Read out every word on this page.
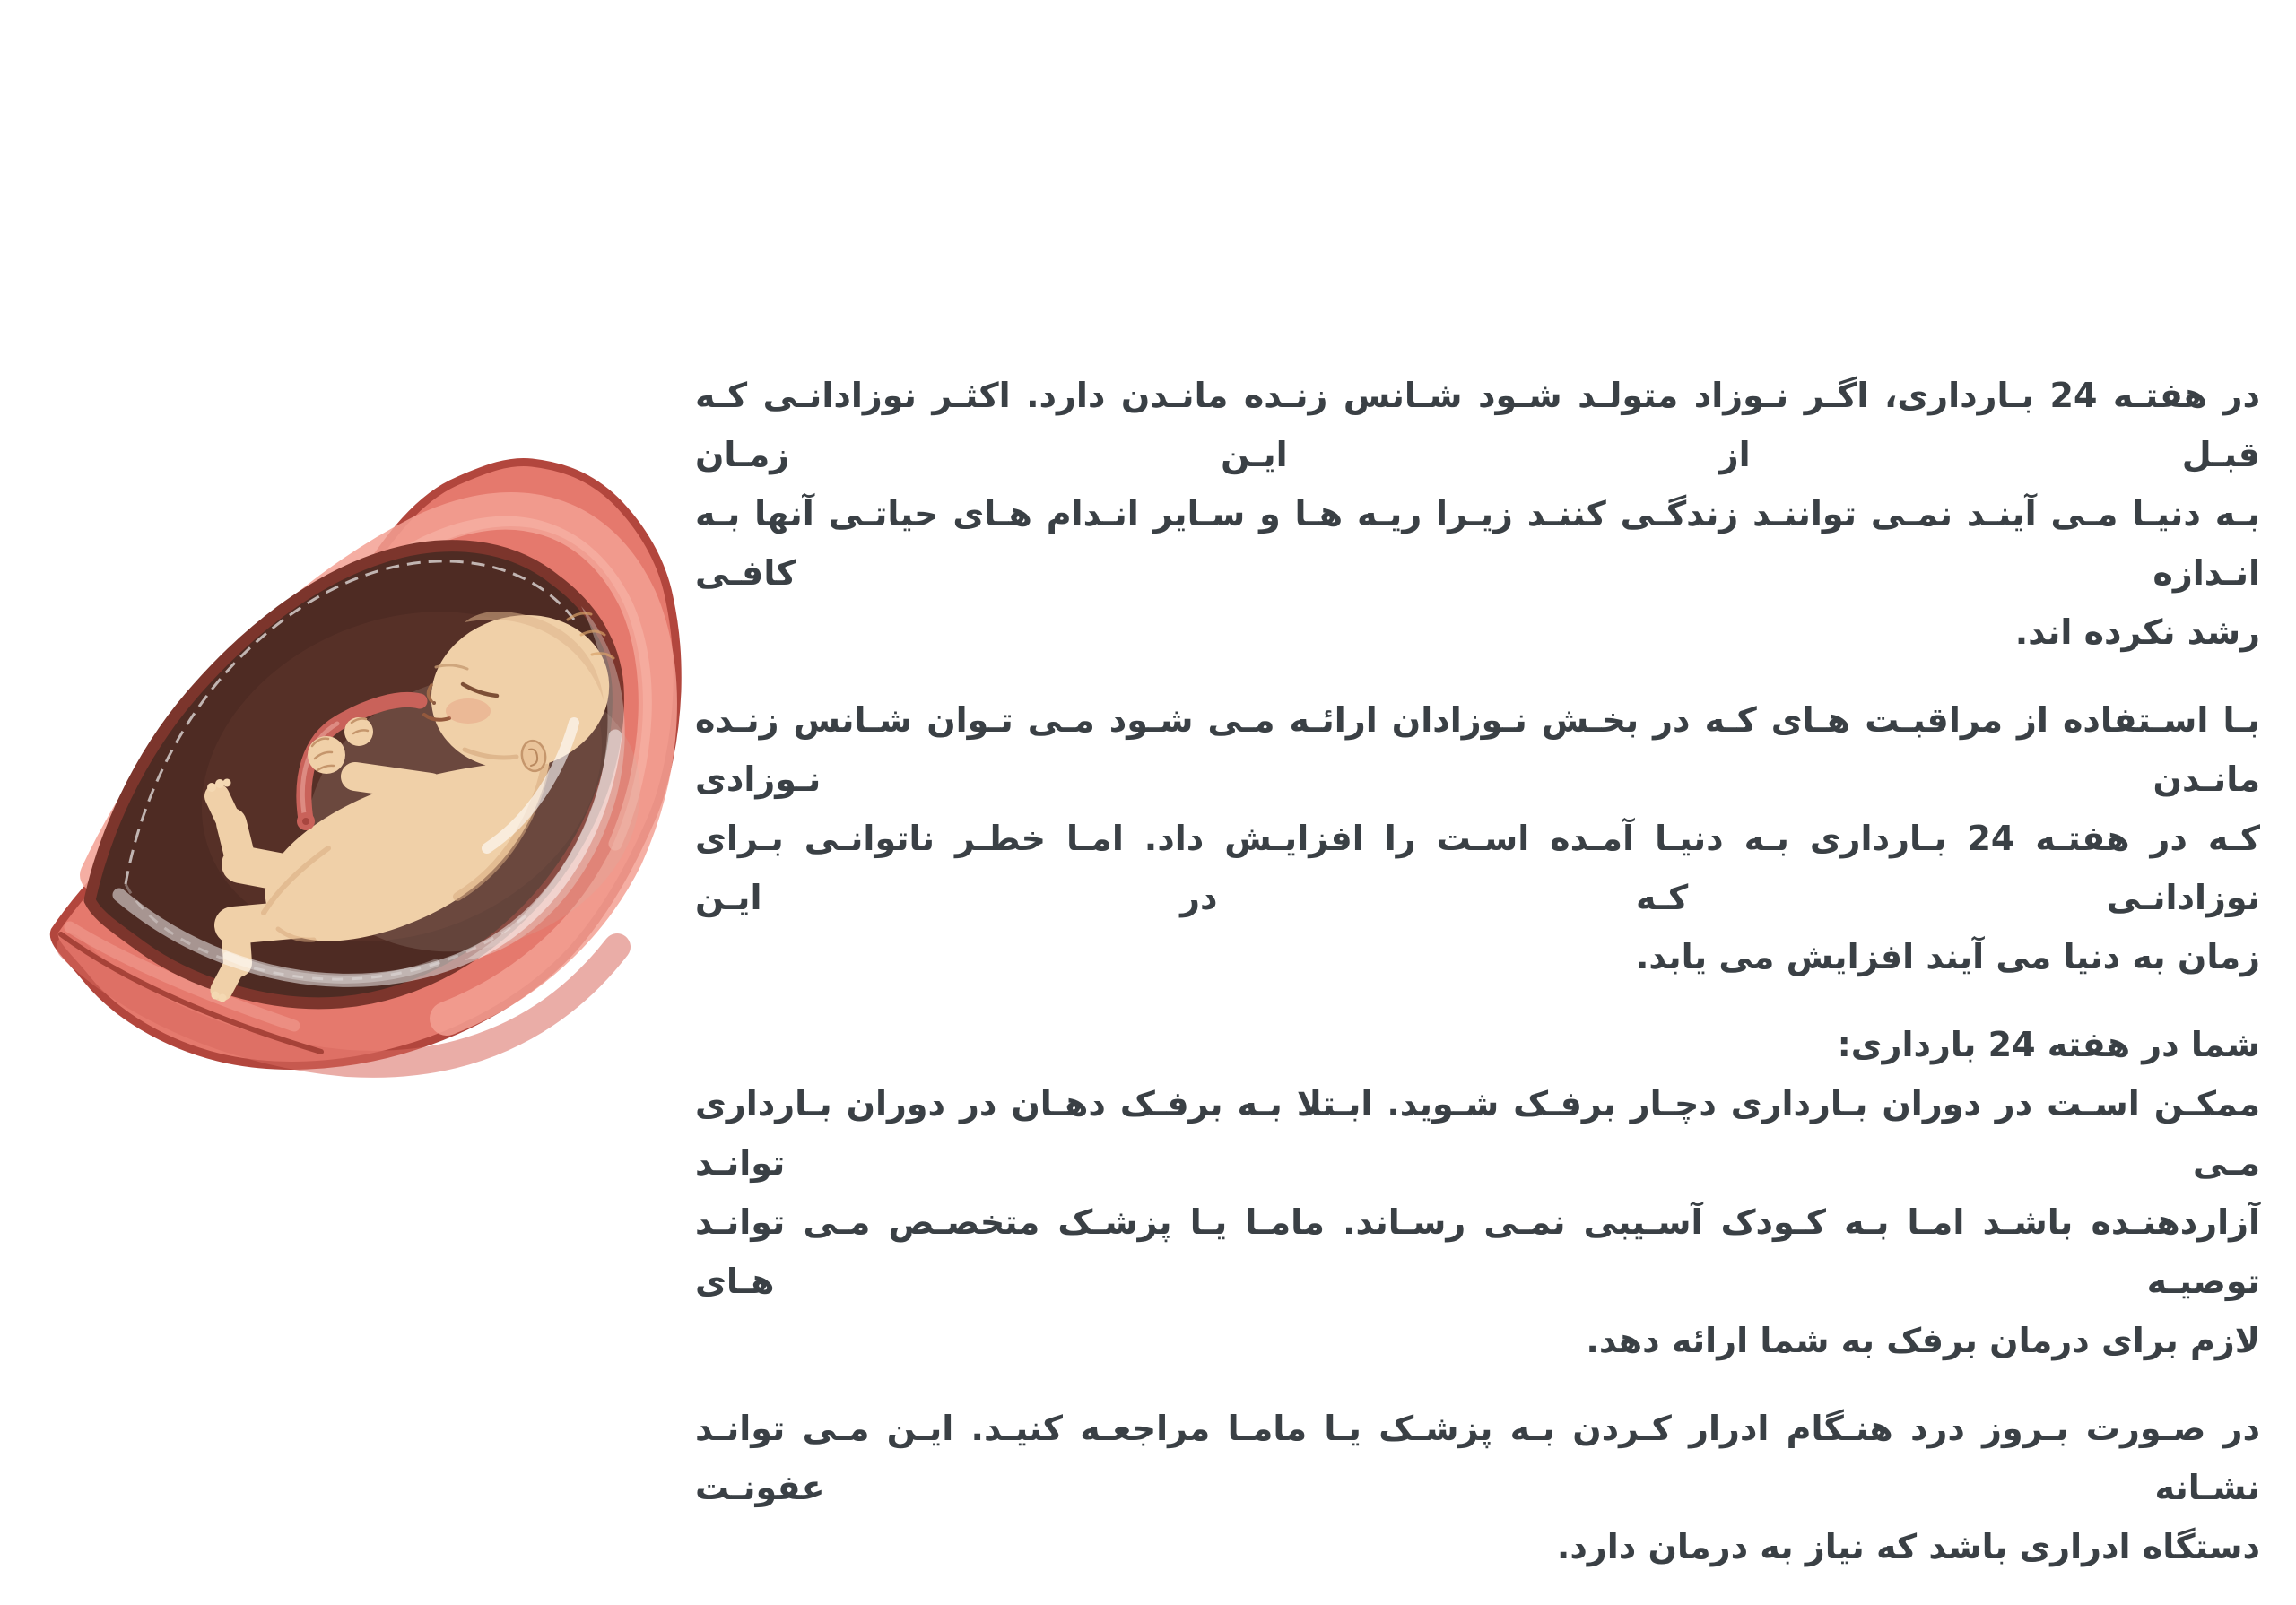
در هفتـه 24 بـارداری، اگـر نـوزاد متولـد شـود شـانس زنـده مانـدن دارد. اکثـر نوزادانـی کـه قبـل از ایـن زمـان
بـه دنیـا مـی آینـد نمـی تواننـد زندگـی کننـد زیـرا ریـه هـا و سـایر انـدام هـای حیاتـی آنها بـه انـدازه کافـی
رشد نکرده اند.

بـا اسـتفاده از مراقبـت هـای کـه در بخـش نـوزادان ارائـه مـی شـود مـی تـوان شـانس زنـده مانـدن نـوزادی
کـه در هفتـه 24 بـارداری بـه دنیـا آمـده اسـت را افزایـش داد. امـا خطـر ناتوانـی بـرای نوزادانـی کـه در ایـن
زمان به دنیا می آیند افزایش می یابد.

شما در هفته 24 بارداری:

ممکـن اسـت در دوران بـارداری دچـار برفـک شـوید. ابـتلا بـه برفـک دهـان در دوران بـارداری مـی توانـد
آزاردهنـده باشـد امـا بـه کـودک آسـیبی نمـی رسـاند. مامـا یـا پزشـک متخصـص مـی توانـد توصیـه هـای
لازم برای درمان برفک به شما ارائه دهد.

در صـورت بـروز درد هنـگام ادرار کـردن بـه پزشـک یـا مامـا مراجعـه کنیـد. ایـن مـی توانـد نشـانه عفونـت
دستگاه ادراری باشد که نیاز به درمان دارد.
